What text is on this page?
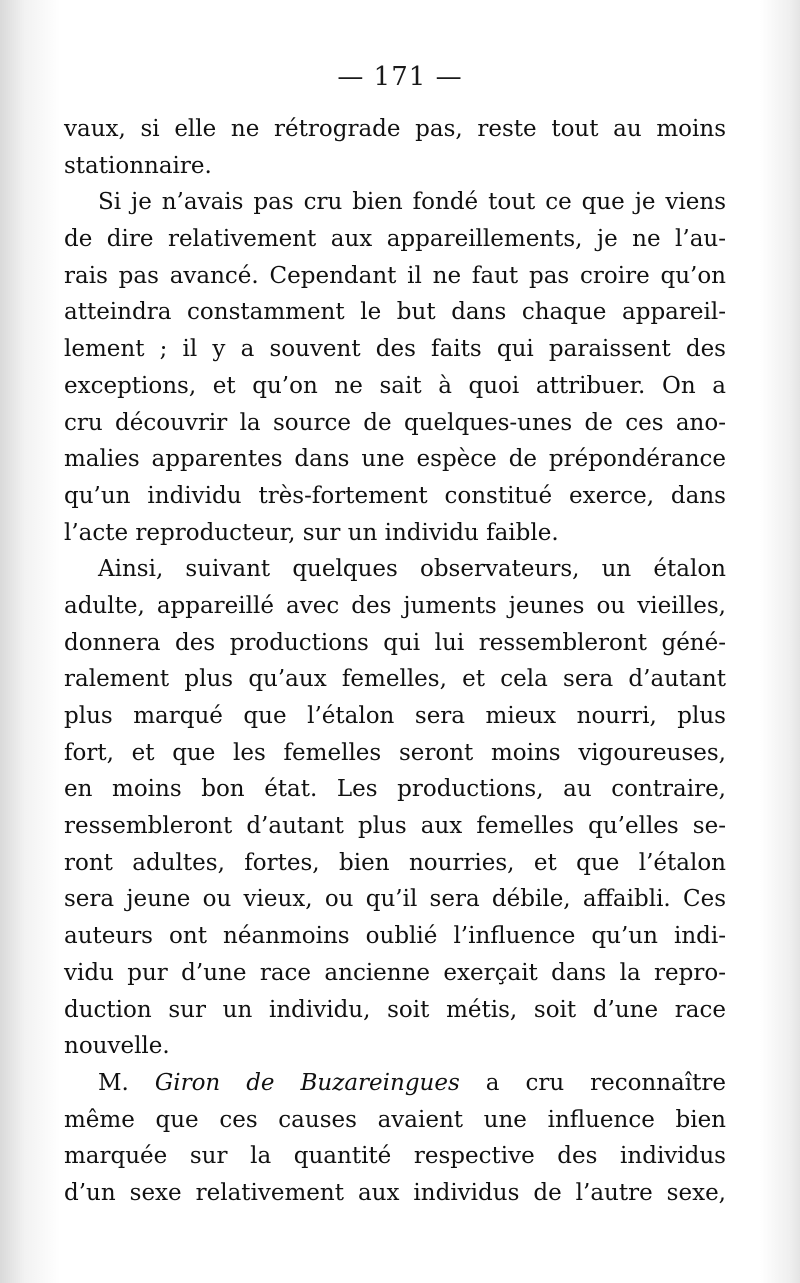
— 171 —
vaux, si elle ne rétrograde pas, reste tout au moins
stationnaire.
Si je n’avais pas cru bien fondé tout ce que je viens
de dire relativement aux appareillements, je ne l’au-
rais pas avancé. Cependant il ne faut pas croire qu’on
atteindra constamment le but dans chaque appareil-
lement ; il y a souvent des faits qui paraissent des
exceptions, et qu’on ne sait à quoi attribuer. On a
cru découvrir la source de quelques-unes de ces ano-
malies apparentes dans une espèce de prépondérance
qu’un individu très-fortement constitué exerce, dans
l’acte reproducteur, sur un individu faible.
Ainsi, suivant quelques observateurs, un étalon
adulte, appareillé avec des juments jeunes ou vieilles,
donnera des productions qui lui ressembleront géné-
ralement plus qu’aux femelles, et cela sera d’autant
plus marqué que l’étalon sera mieux nourri, plus
fort, et que les femelles seront moins vigoureuses,
en moins bon état. Les productions, au contraire,
ressembleront d’autant plus aux femelles qu’elles se-
ront adultes, fortes, bien nourries, et que l’étalon
sera jeune ou vieux, ou qu’il sera débile, affaibli. Ces
auteurs ont néanmoins oublié l’influence qu’un indi-
vidu pur d’une race ancienne exerçait dans la repro-
duction sur un individu, soit métis, soit d’une race
nouvelle.
M. Giron de Buzareingues a cru reconnaître
même que ces causes avaient une influence bien
marquée sur la quantité respective des individus
d’un sexe relativement aux individus de l’autre sexe,
